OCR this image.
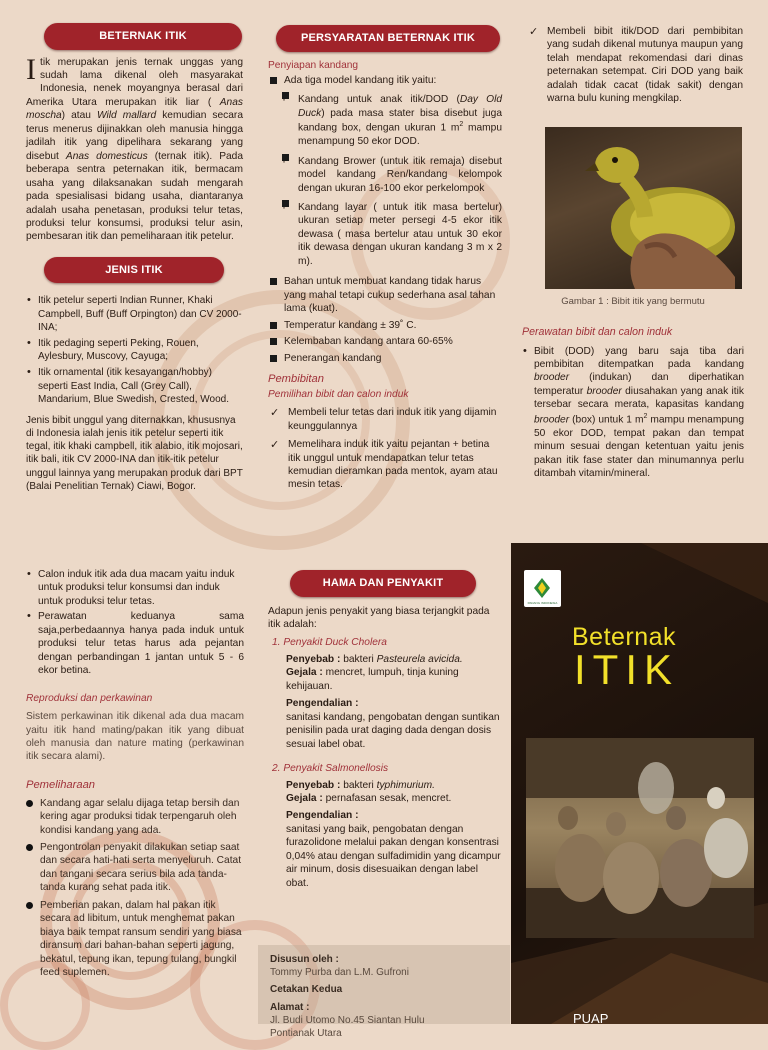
BETERNAK ITIK

I tik merupakan jenis ternak unggas yang sudah lama dikenal oleh masyarakat Indonesia, nenek moyangnya berasal dari Amerika Utara merupakan itik liar ( Anas moscha) atau Wild mallard kemudian secara terus menerus dijinakkan oleh manusia hingga jadilah itik yang dipelihara sekarang yang disebut Anas domesticus (ternak itik). Pada beberapa sentra peternakan itik, bermacam usaha yang dilaksanakan sudah mengarah pada spesialisasi bidang usaha, diantaranya adalah usaha penetasan, produksi telur tetas, produksi telur konsumsi, produksi telur asin, pembesaran itik dan pemeliharaan itik petelur.

JENIS ITIK
• Itik petelur seperti Indian Runner, Khaki Campbell, Buff (Buff Orpington) dan CV 2000-INA;
• Itik pedaging seperti Peking, Rouen, Aylesbury, Muscovy, Cayuga;
• Itik ornamental (itik kesayangan/hobby) seperti East India, Call (Grey Call), Mandarium, Blue Swedish, Crested, Wood.

Jenis bibit unggul yang diternakkan, khususnya di Indonesia ialah jenis itik petelur seperti itik tegal, itik khaki campbell, itik alabio, itik mojosari, itik bali, itik CV 2000-INA dan itik-itik petelur unggul lainnya yang merupakan produk dari BPT (Balai Penelitian Ternak) Ciawi, Bogor.

PERSYARATAN BETERNAK ITIK
Penyiapan kandang
Ada tiga model kandang itik yaitu:
· Kandang untuk anak itik/DOD (Day Old Duck) pada masa stater bisa disebut juga kandang box, dengan ukuran 1 $m^2$ mampu menampung 50 ekor DOD.
· Kandang Brower (untuk itik remaja) disebut model kandang Ren/kandang kelompok dengan ukuran 16-100 ekor perkelompok
· Kandang layar ( untuk itik masa bertelur) ukuran setiap meter persegi 4-5 ekor itik dewasa ( masa bertelur atau untuk 30 ekor itik dewasa dengan ukuran kandang 3 m x 2 m).
Bahan untuk membuat kandang tidak harus yang mahal tetapi cukup sederhana asal tahan lama (kuat).
Temperatur kandang ± 39˚ C.
Kelembaban kandang antara 60-65%
Penerangan kandang
Pembibitan
Pemilihan bibit dan calon induk
✓ Membeli telur tetas dari induk itik yang dijamin keunggulannya
✓ Memelihara induk itik yaitu pejantan + betina itik unggul untuk mendapatkan telur tetas kemudian dieramkan pada mentok, ayam atau mesin tetas.
✓ Membeli bibit itik/DOD dari pembibitan yang sudah dikenal mutunya maupun yang telah mendapat rekomendasi dari dinas peternakan setempat. Ciri DOD yang baik adalah tidak cacat (tidak sakit) dengan warna bulu kuning mengkilap.
Gambar 1 : Bibit itik yang bermutu
Perawatan bibit dan calon induk
• Bibit (DOD) yang baru saja tiba dari pembibitan ditempatkan pada kandang brooder (indukan) dan diperhatikan temperatur brooder diusahakan yang anak itik tersebar secara merata, kapasitas kandang brooder (box) untuk 1 $m^2$ mampu menampung 50 ekor DOD, tempat pakan dan tempat minum sesuai dengan ketentuan yaitu jenis pakan itik fase stater dan minumannya perlu ditambah vitamin/mineral.
• Calon induk itik ada dua macam yaitu induk untuk produksi telur konsumsi dan induk untuk produksi telur tetas.
• Perawatan keduanya sama saja,perbedaannya hanya pada induk untuk produksi telur tetas harus ada pejantan dengan perbandingan 1 jantan untuk 5 - 6 ekor betina.
Reproduksi dan perkawinan

Sistem perkawinan itik dikenal ada dua macam yaitu itik hand mating/pakan itik yang dibuat oleh manusia dan nature mating (perkawinan itik secara alami).

Pemeliharaan
Kandang agar selalu dijaga tetap bersih dan kering agar produksi tidak terpengaruh oleh kondisi kandang yang ada.
Pengontrolan penyakit dilakukan setiap saat dan secara hati-hati serta menyeluruh. Catat dan tangani secara serius bila ada tanda-tanda kurang sehat pada itik.
Pemberian pakan, dalam hal pakan itik secara ad libitum, untuk menghemat pakan biaya baik tempat ransum sendiri yang biasa diransum dari bahan-bahan seperti jagung, bekatul, tepung ikan, tepung tulang, bungkil feed suplemen.
HAMA DAN PENYAKIT

Adapun jenis penyakit yang biasa terjangkit pada itik adalah:

1. Penyakit Duck Cholera
Penyebab : bakteri Pasteurela avicida.
Gejala : mencret, lumpuh, tinja kuning kehijauan.
Pengendalian :
sanitasi kandang, pengobatan dengan suntikan penisilin pada urat daging dada dengan dosis sesuai label obat.
2. Penyakit Salmonellosis
Penyebab : bakteri typhimurium.
Gejala : pernafasan sesak, mencret.
Pengendalian :
sanitasi yang baik, pengobatan dengan furazolidone melalui pakan dengan konsentrasi 0,04% atau dengan sulfadimidin yang dicampur air minum, dosis disesuaikan dengan label obat.
Disusun oleh :
Tommy Purba dan L.M. Gufroni
Cetakan Kedua
Alamat :
Jl. Budi Utomo No.45 Siantan Hulu
Pontianak Utara
PADANG INDONESIA
Beternak
ITIK
PUAP
